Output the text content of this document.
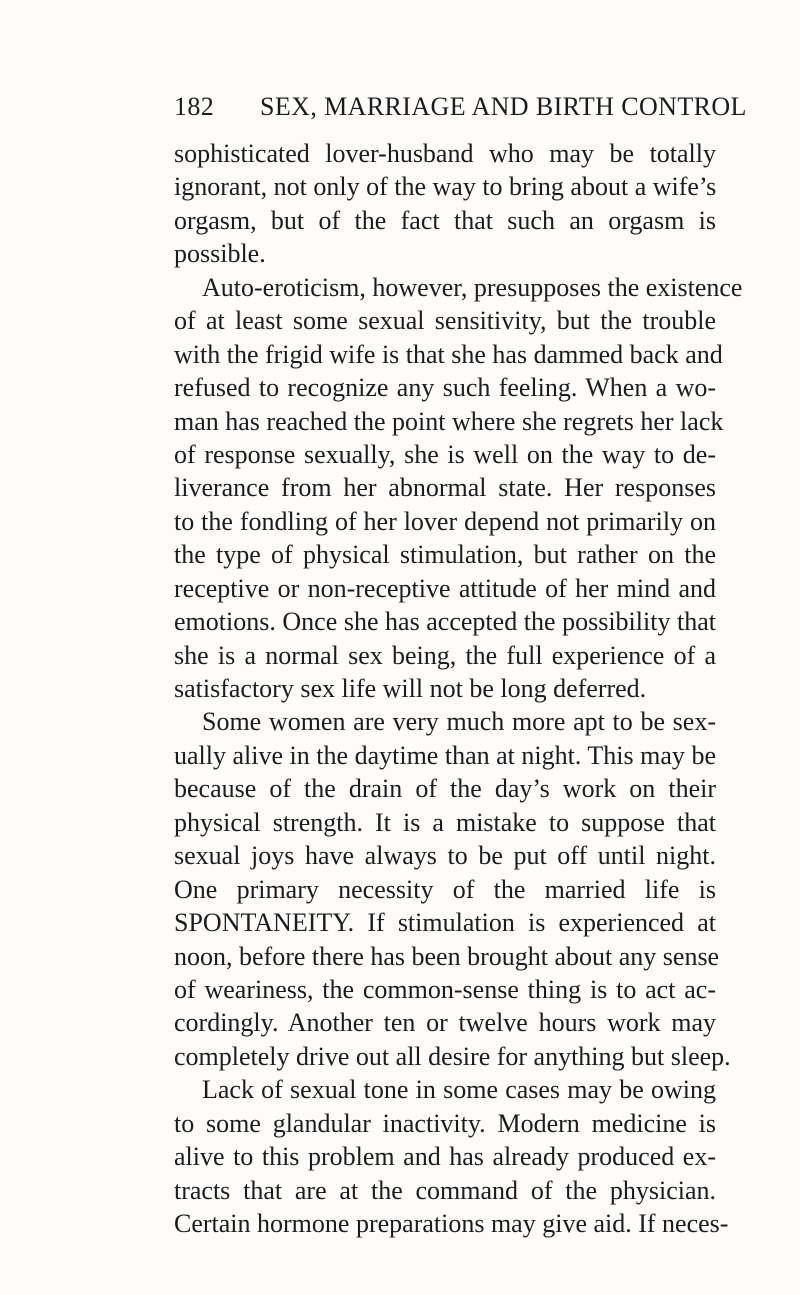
182 SEX, MARRIAGE AND BIRTH CONTROL
sophisticated lover-husband who may be totally
ignorant, not only of the way to bring about a wife’s
orgasm, but of the fact that such an orgasm is
possible.
Auto-eroticism, however, presupposes the existence
of at least some sexual sensitivity, but the trouble
with the frigid wife is that she has dammed back and
refused to recognize any such feeling. When a wo-
man has reached the point where she regrets her lack
of response sexually, she is well on the way to de-
liverance from her abnormal state. Her responses
to the fondling of her lover depend not primarily on
the type of physical stimulation, but rather on the
receptive or non-receptive attitude of her mind and
emotions. Once she has accepted the possibility that
she is a normal sex being, the full experience of a
satisfactory sex life will not be long deferred.
Some women are very much more apt to be sex-
ually alive in the daytime than at night. This may be
because of the drain of the day’s work on their
physical strength. It is a mistake to suppose that
sexual joys have always to be put off until night.
One primary necessity of the married life is
SPONTANEITY. If stimulation is experienced at
noon, before there has been brought about any sense
of weariness, the common-sense thing is to act ac-
cordingly. Another ten or twelve hours work may
completely drive out all desire for anything but sleep.
Lack of sexual tone in some cases may be owing
to some glandular inactivity. Modern medicine is
alive to this problem and has already produced ex-
tracts that are at the command of the physician.
Certain hormone preparations may give aid. If neces-
